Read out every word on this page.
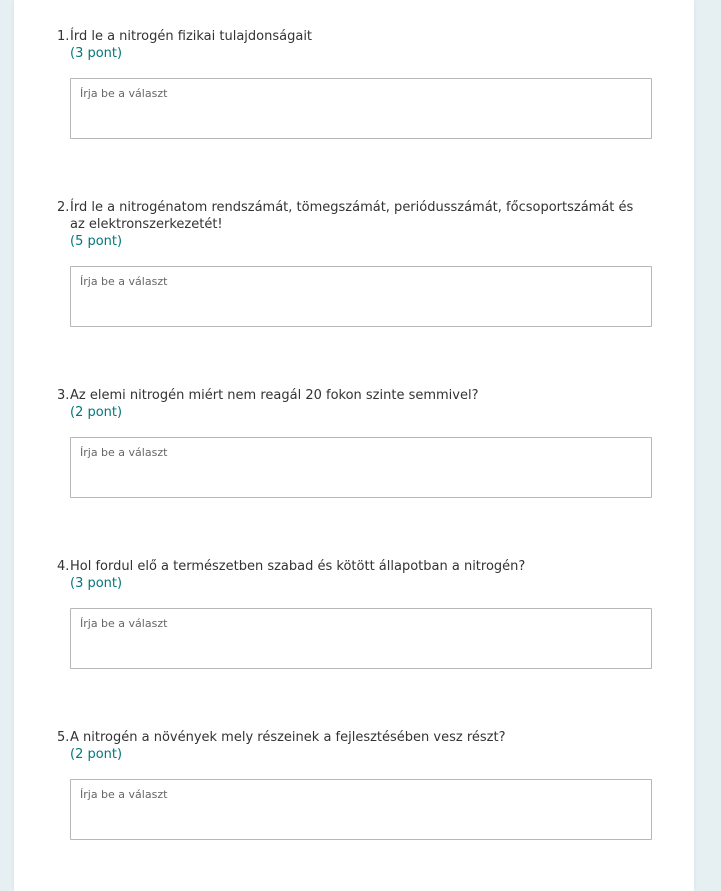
1. Írd le a nitrogén fizikai tulajdonságait
(3 pont)
Írja be a választ
2. Írd le a nitrogénatom rendszámát, tömegszámát, periódusszámát, főcsoportszámát és az elektronszerkezetét!
(5 pont)
Írja be a választ
3. Az elemi nitrogén miért nem reagál 20 fokon szinte semmivel?
(2 pont)
Írja be a választ
4. Hol fordul elő a természetben szabad és kötött állapotban a nitrogén?
(3 pont)
Írja be a választ
5. A nitrogén a növények mely részeinek a fejlesztésében vesz részt?
(2 pont)
Írja be a választ
